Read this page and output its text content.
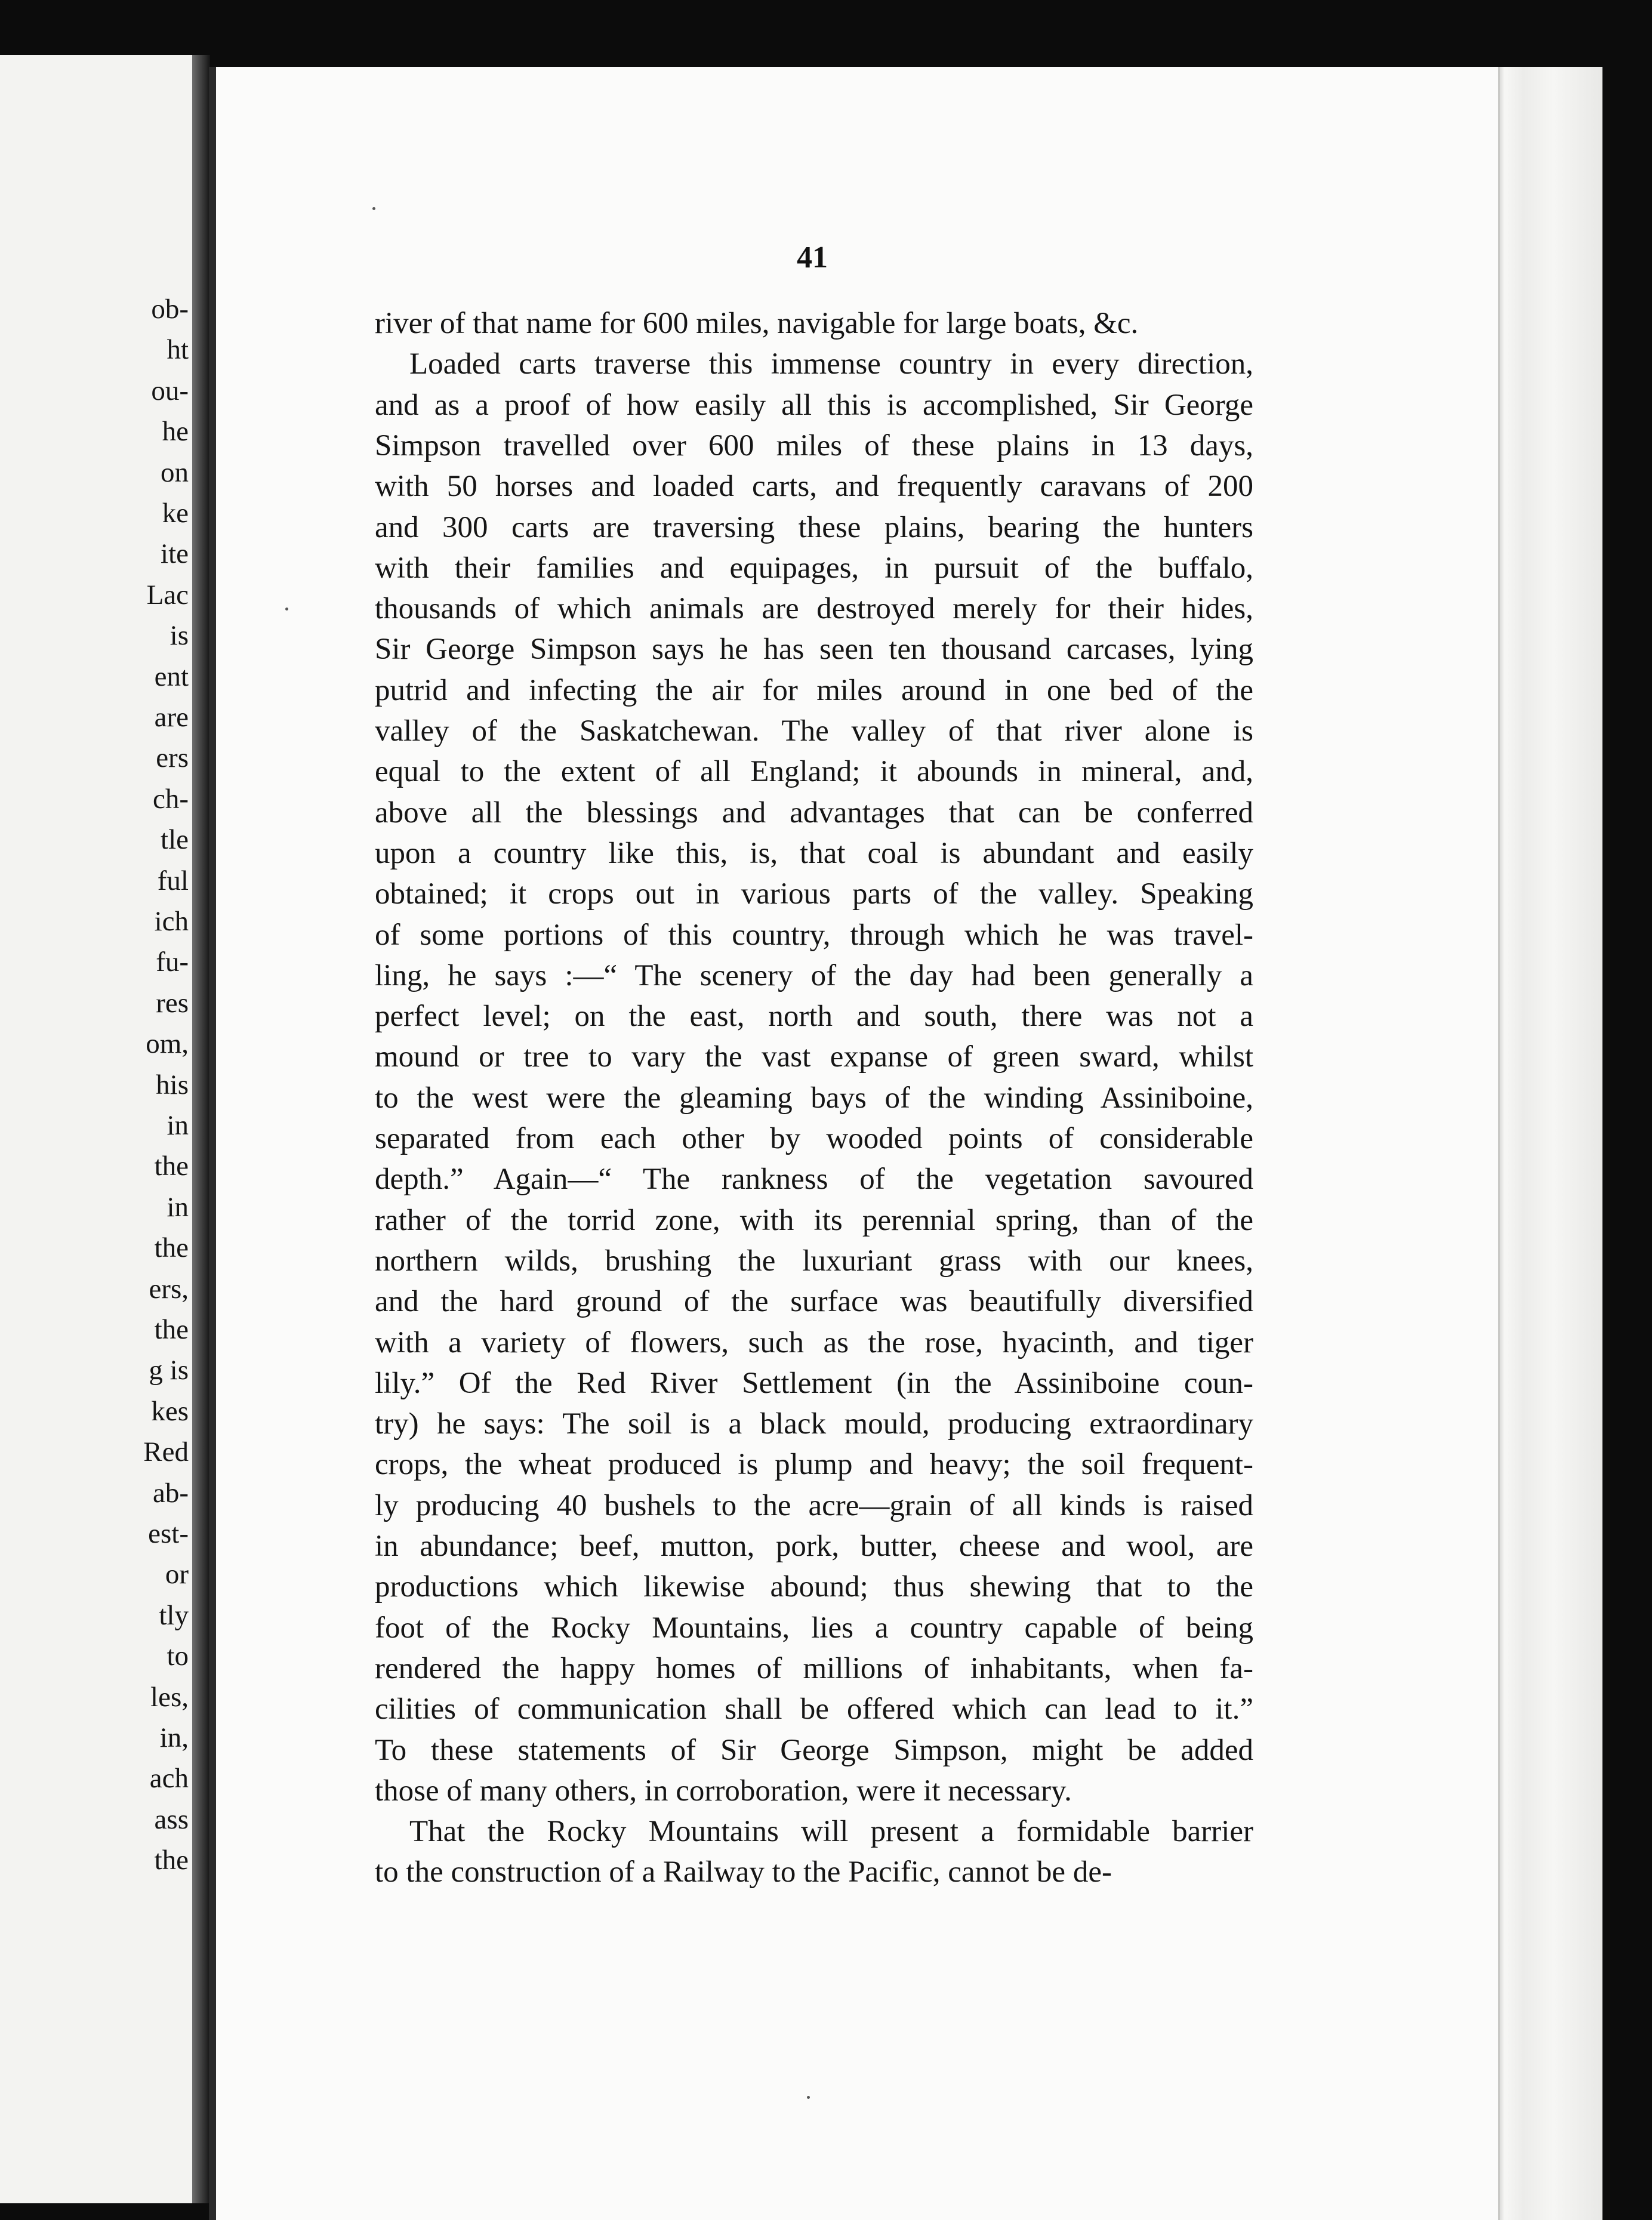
ob-

ht

ou-

he

on

ke

ite

Lac

is

ent

are

ers

ch-

tle

ful

ich

fu-

res

om,

his

in

the

in

the

ers,

the

g is

kes

Red

ab-

est-

or

tly

to

les,

in,

ach

ass

the

41

river of that name for 600 miles, navigable for large boats, &c.

Loaded carts traverse this immense country in every direction,

and as a proof of how easily all this is accomplished, Sir George

Simpson travelled over 600 miles of these plains in 13 days,

with 50 horses and loaded carts, and frequently caravans of 200

and 300 carts are traversing these plains, bearing the hunters

with their families and equipages, in pursuit of the buffalo,

thousands of which animals are destroyed merely for their hides,

Sir George Simpson says he has seen ten thousand carcases, lying

putrid and infecting the air for miles around in one bed of the

valley of the Saskatchewan. The valley of that river alone is

equal to the extent of all England; it abounds in mineral, and,

above all the blessings and advantages that can be conferred

upon a country like this, is, that coal is abundant and easily

obtained; it crops out in various parts of the valley. Speaking

of some portions of this country, through which he was travel-

ling, he says :—“ The scenery of the day had been generally a

perfect level; on the east, north and south, there was not a

mound or tree to vary the vast expanse of green sward, whilst

to the west were the gleaming bays of the winding Assiniboine,

separated from each other by wooded points of considerable

depth.” Again—“ The rankness of the vegetation savoured

rather of the torrid zone, with its perennial spring, than of the

northern wilds, brushing the luxuriant grass with our knees,

and the hard ground of the surface was beautifully diversified

with a variety of flowers, such as the rose, hyacinth, and tiger

lily.” Of the Red River Settlement (in the Assiniboine coun-

try) he says: The soil is a black mould, producing extraordinary

crops, the wheat produced is plump and heavy; the soil frequent-

ly producing 40 bushels to the acre—grain of all kinds is raised

in abundance; beef, mutton, pork, butter, cheese and wool, are

productions which likewise abound; thus shewing that to the

foot of the Rocky Mountains, lies a country capable of being

rendered the happy homes of millions of inhabitants, when fa-

cilities of communication shall be offered which can lead to it.”

To these statements of Sir George Simpson, might be added

those of many others, in corroboration, were it necessary.

That the Rocky Mountains will present a formidable barrier

to the construction of a Railway to the Pacific, cannot be de-
